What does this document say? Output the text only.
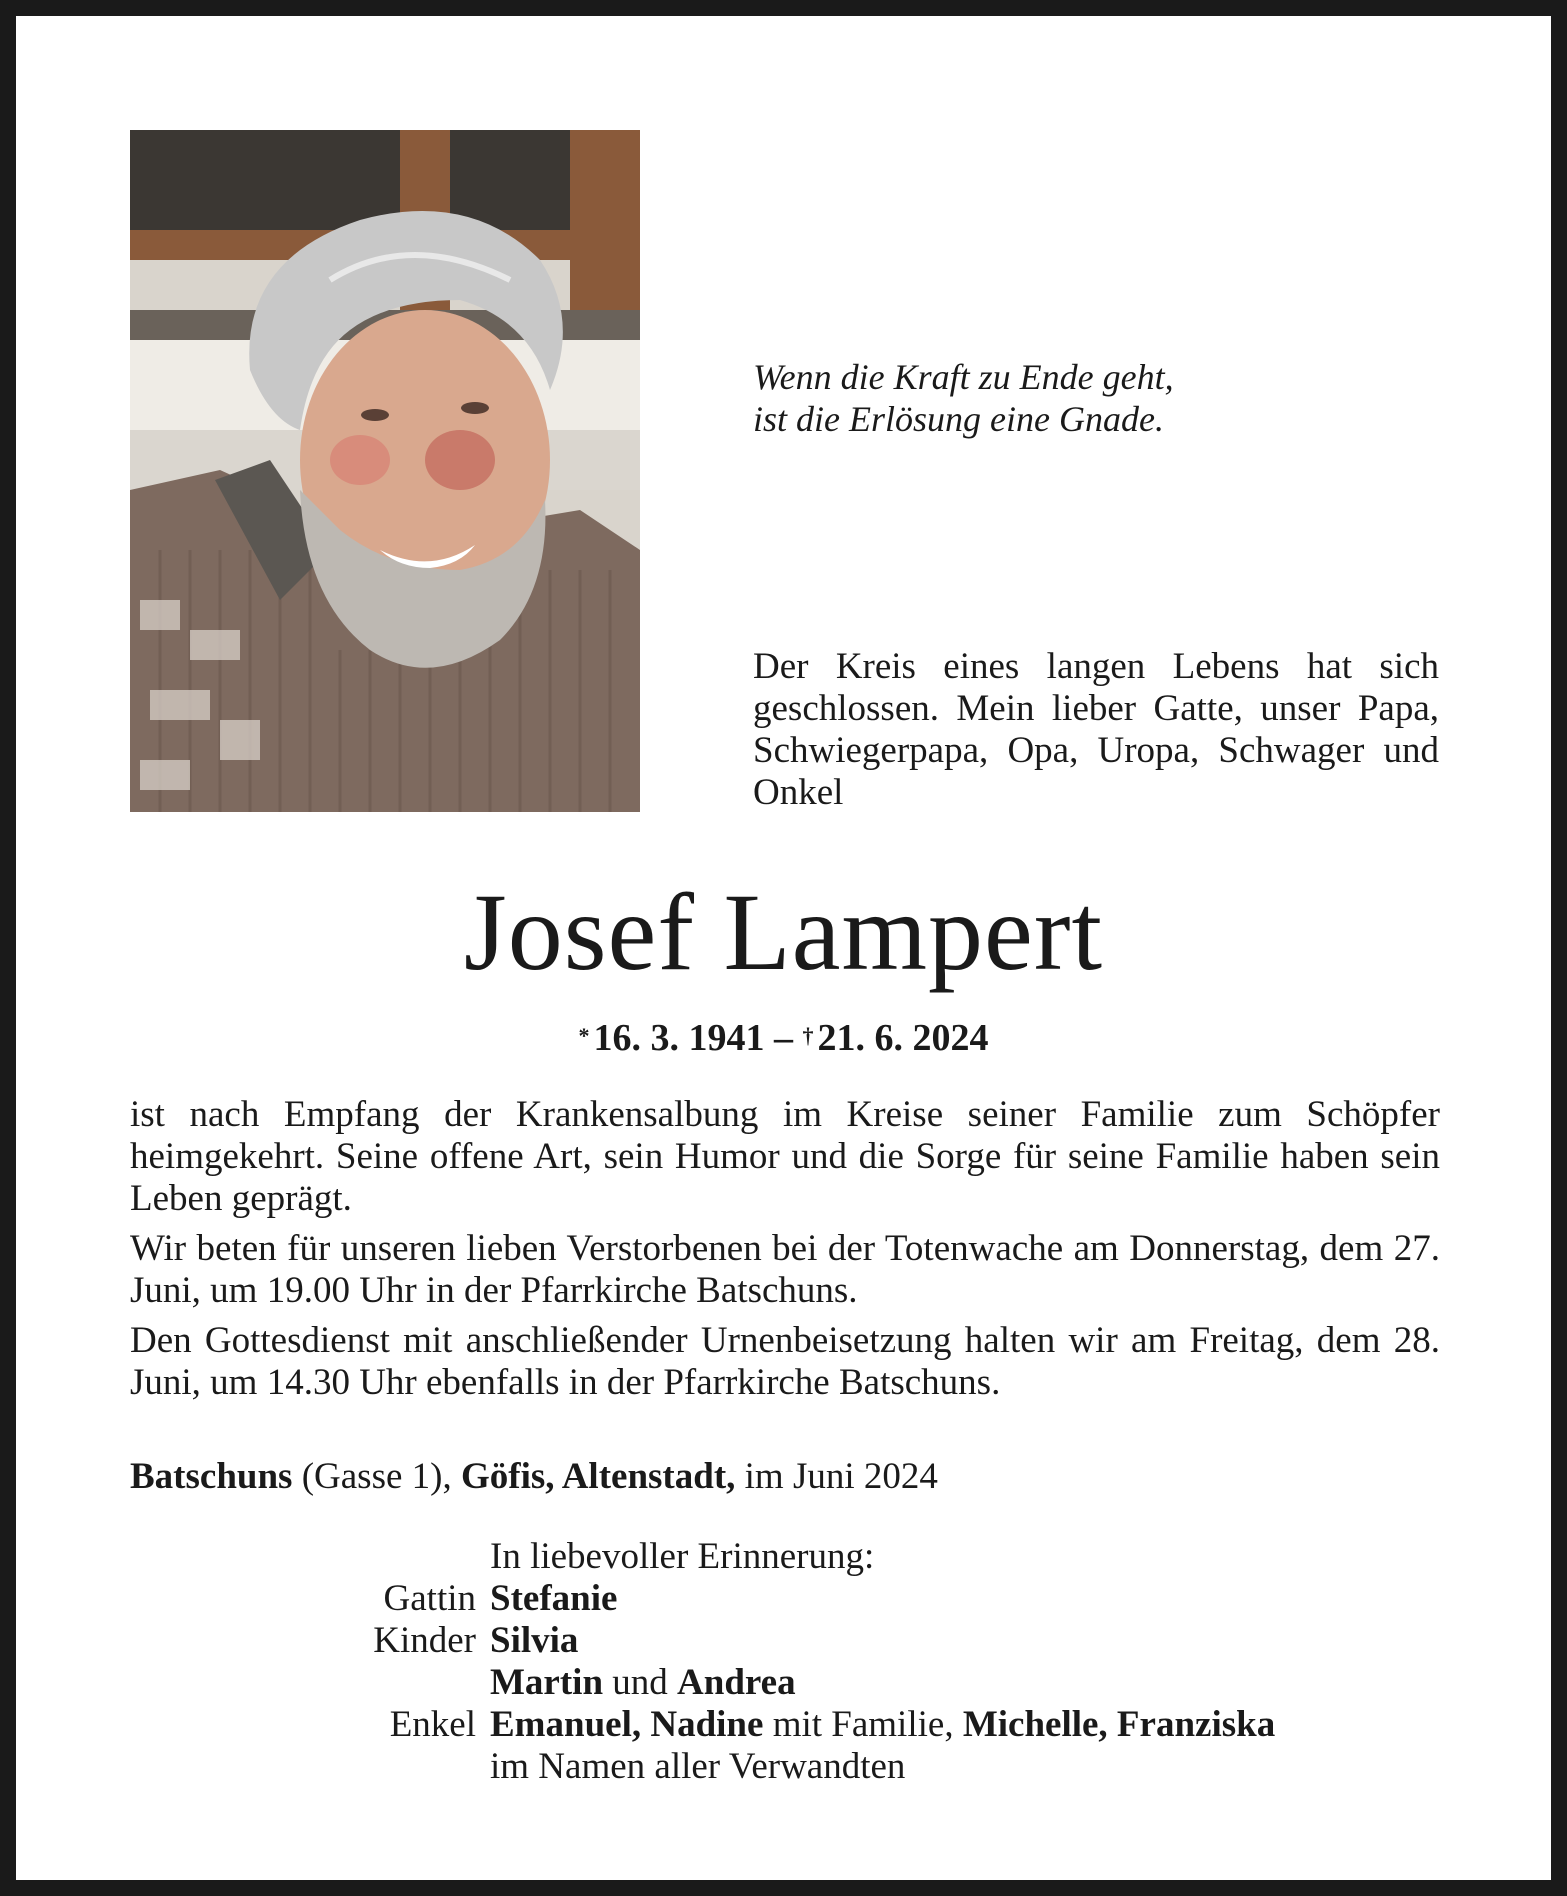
Wenn die Kraft zu Ende geht,
ist die Erlösung eine Gnade.
Der Kreis eines langen Lebens hat sich geschlossen. Mein lieber Gatte, unser Papa, Schwiegerpapa, Opa, Uropa, Schwager und Onkel
Josef Lampert
* 16. 3. 1941 – † 21. 6. 2024

ist nach Empfang der Krankensalbung im Kreise seiner Familie zum Schöpfer heimgekehrt. Seine offene Art, sein Humor und die Sorge für seine Familie haben sein Leben geprägt.

Wir beten für unseren lieben Verstorbenen bei der Totenwache am Donnerstag, dem 27. Juni, um 19.00 Uhr in der Pfarrkirche Batschuns.

Den Gottesdienst mit anschließender Urnenbeisetzung halten wir am Freitag, dem 28. Juni, um 14.30 Uhr ebenfalls in der Pfarrkirche Batschuns.

Batschuns (Gasse 1), Göfis, Altenstadt, im Juni 2024
In liebevoller Erinnerung:
Gattin Stefanie
Kinder Silvia
Martin und Andrea
Enkel Emanuel, Nadine mit Familie, Michelle, Franziska
im Namen aller Verwandten
